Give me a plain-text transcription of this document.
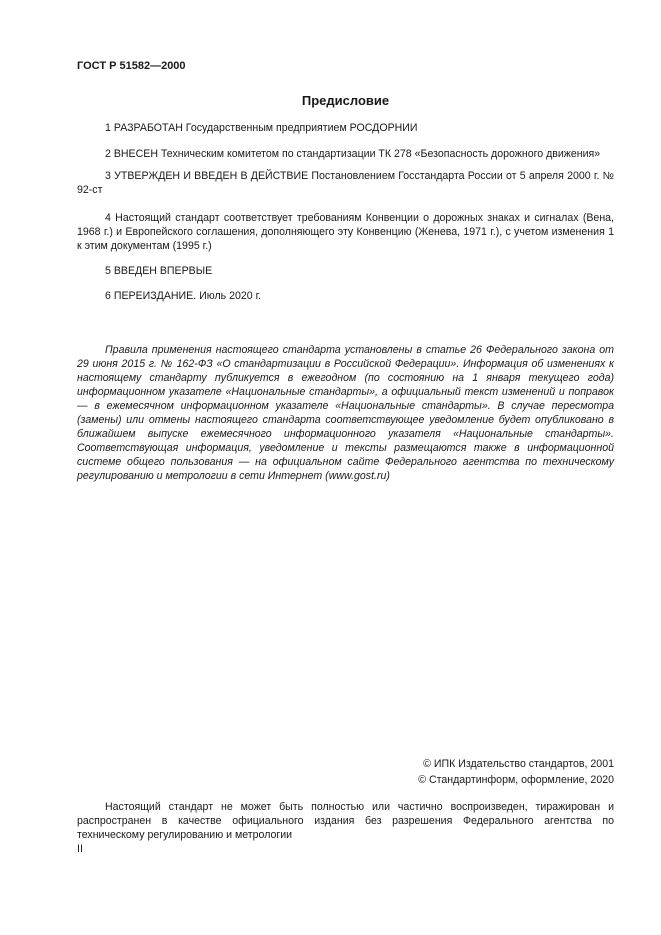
ГОСТ Р 51582—2000
Предисловие
1 РАЗРАБОТАН Государственным предприятием РОСДОРНИИ
2 ВНЕСЕН Техническим комитетом по стандартизации ТК 278 «Безопасность дорожного движения»
3 УТВЕРЖДЕН И ВВЕДЕН В ДЕЙСТВИЕ Постановлением Госстандарта России от 5 апреля 2000 г. № 92-ст
4 Настоящий стандарт соответствует требованиям Конвенции о дорожных знаках и сигналах (Вена, 1968 г.) и Европейского соглашения, дополняющего эту Конвенцию (Женева, 1971 г.), с учетом изменения 1 к этим документам (1995 г.)
5 ВВЕДЕН ВПЕРВЫЕ
6 ПЕРЕИЗДАНИЕ. Июль 2020 г.
Правила применения настоящего стандарта установлены в статье 26 Федерального закона от 29 июня 2015 г. № 162-ФЗ «О стандартизации в Российской Федерации». Информация об изменениях к настоящему стандарту публикуется в ежегодном (по состоянию на 1 января текущего года) информационном указателе «Национальные стандарты», а официальный текст изменений и поправок — в ежемесячном информационном указателе «Национальные стандарты». В случае пересмотра (замены) или отмены настоящего стандарта соответствующее уведомление будет опубликовано в ближайшем выпуске ежемесячного информационного указателя «Национальные стандарты». Соответствующая информация, уведомление и тексты размещаются также в информационной системе общего пользования — на официальном сайте Федерального агентства по техническому регулированию и метрологии в сети Интернет (www.gost.ru)
© ИПК Издательство стандартов, 2001
© Стандартинформ, оформление, 2020
Настоящий стандарт не может быть полностью или частично воспроизведен, тиражирован и распространен в качестве официального издания без разрешения Федерального агентства по техническому регулированию и метрологии
II
